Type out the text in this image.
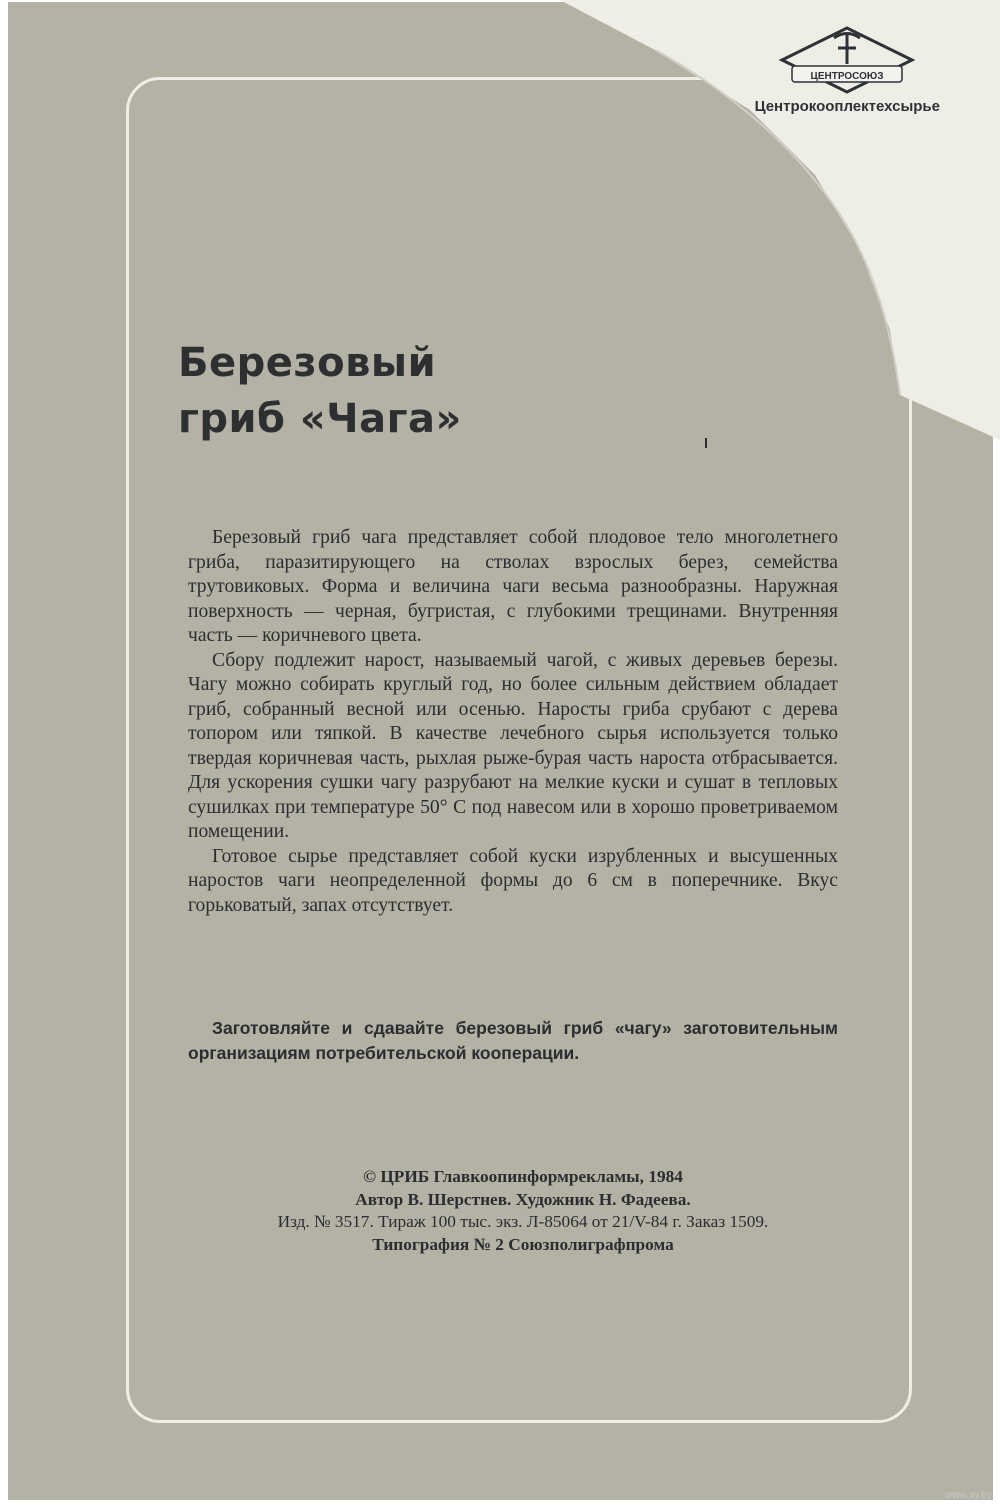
ЦЕНТРОСОЮЗ
Центрокооплектехсырье
Березовый
гриб «Чага»

Березовый гриб чага представляет собой плодовое тело многолетнего гриба, паразитирующего на стволах взрослых берез, семейства трутовиковых. Форма и величина чаги весьма разнообразны. Наружная поверхность — черная, бугристая, с глубокими трещинами. Внутренняя часть — коричневого цвета.

Сбору подлежит нарост, называемый чагой, с живых деревьев березы. Чагу можно собирать круглый год, но более сильным действием обладает гриб, собранный весной или осенью. Наросты гриба срубают с дерева топором или тяпкой. В качестве лечебного сырья используется только твердая коричневая часть, рыхлая рыже-бурая часть нароста отбрасывается. Для ускорения сушки чагу разрубают на мелкие куски и сушат в тепловых сушилках при температуре 50° С под навесом или в хорошо проветриваемом помещении.

Готовое сырье представляет собой куски изрубленных и высушенных наростов чаги неопределенной формы до 6 см в поперечнике. Вкус горьковатый, запах отсутствует.

Заготовляйте и сдавайте березовый гриб «чагу» заготовительным организациям потребительской кооперации.

© ЦРИБ Главкоопинформрекламы, 1984
Автор В. Шерстнев. Художник Н. Фадеева.
Изд. № 3517. Тираж 100 тыс. экз. Л-85064 от 21/V-84 г. Заказ 1509.
Типография № 2 Союзполиграфпрома
www.ay.by
